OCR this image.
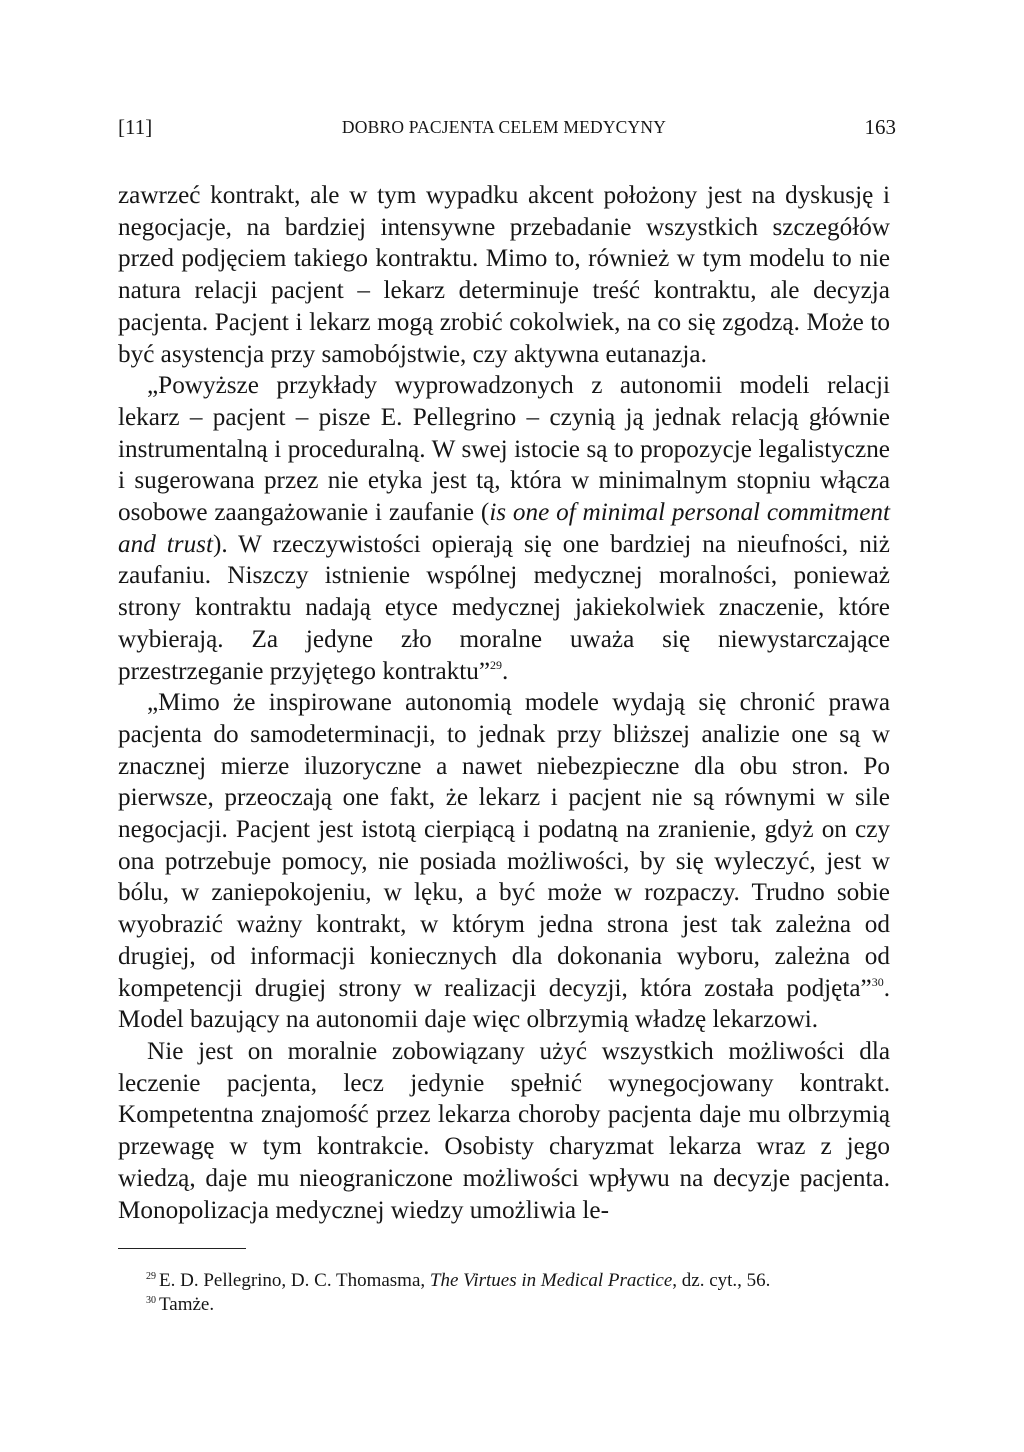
[11]	DOBRO PACJENTA CELEM MEDYCYNY	163

zawrzeć kontrakt, ale w tym wypadku akcent położony jest na dyskusję i negocjacje, na bardziej intensywne przebadanie wszystkich szczegółów przed podjęciem takiego kontraktu. Mimo to, również w tym modelu to nie natura relacji pacjent – lekarz determinuje treść kontraktu, ale decyzja pacjenta. Pacjent i lekarz mogą zrobić cokolwiek, na co się zgodzą. Może to być asystencja przy samobójstwie, czy aktywna eutanazja.

„Powyższe przykłady wyprowadzonych z autonomii modeli relacji lekarz – pacjent – pisze E. Pellegrino – czynią ją jednak relacją głównie instrumentalną i proceduralną. W swej istocie są to propozycje legalistyczne i sugerowana przez nie etyka jest tą, która w minimalnym stopniu włącza osobowe zaangażowanie i zaufanie (is one of minimal personal commitment and trust). W rzeczywistości opierają się one bardziej na nieufności, niż zaufaniu. Niszczy istnienie wspólnej medycznej moralności, ponieważ strony kontraktu nadają etyce medycznej jakiekolwiek znaczenie, które wybierają. Za jedyne zło moralne uważa się niewystarczające przestrzeganie przyjętego kontraktu”$^{29}$.

„Mimo że inspirowane autonomią modele wydają się chronić prawa pacjenta do samodeterminacji, to jednak przy bliższej analizie one są w znacznej mierze iluzoryczne a nawet niebezpieczne dla obu stron. Po pierwsze, przeoczają one fakt, że lekarz i pacjent nie są równymi w sile negocjacji. Pacjent jest istotą cierpiącą i podatną na zranienie, gdyż on czy ona potrzebuje pomocy, nie posiada możliwości, by się wyleczyć, jest w bólu, w zaniepokojeniu, w lęku, a być może w rozpaczy. Trudno sobie wyobrazić ważny kontrakt, w którym jedna strona jest tak zależna od drugiej, od informacji koniecznych dla dokonania wyboru, zależna od kompetencji drugiej strony w realizacji decyzji, która została podjęta”$^{30}$. Model bazujący na autonomii daje więc olbrzymią władzę lekarzowi.

Nie jest on moralnie zobowiązany użyć wszystkich możliwości dla leczenie pacjenta, lecz jedynie spełnić wynegocjowany kontrakt. Kompetentna znajomość przez lekarza choroby pacjenta daje mu olbrzymią przewagę w tym kontrakcie. Osobisty charyzmat lekarza wraz z jego wiedzą, daje mu nieograniczone możliwości wpływu na decyzje pacjenta. Monopolizacja medycznej wiedzy umożliwia le-

$^{29}$ E. D. Pellegrino, D. C. Thomasma, The Virtues in Medical Practice, dz. cyt., 56.

$^{30}$ Tamże.
